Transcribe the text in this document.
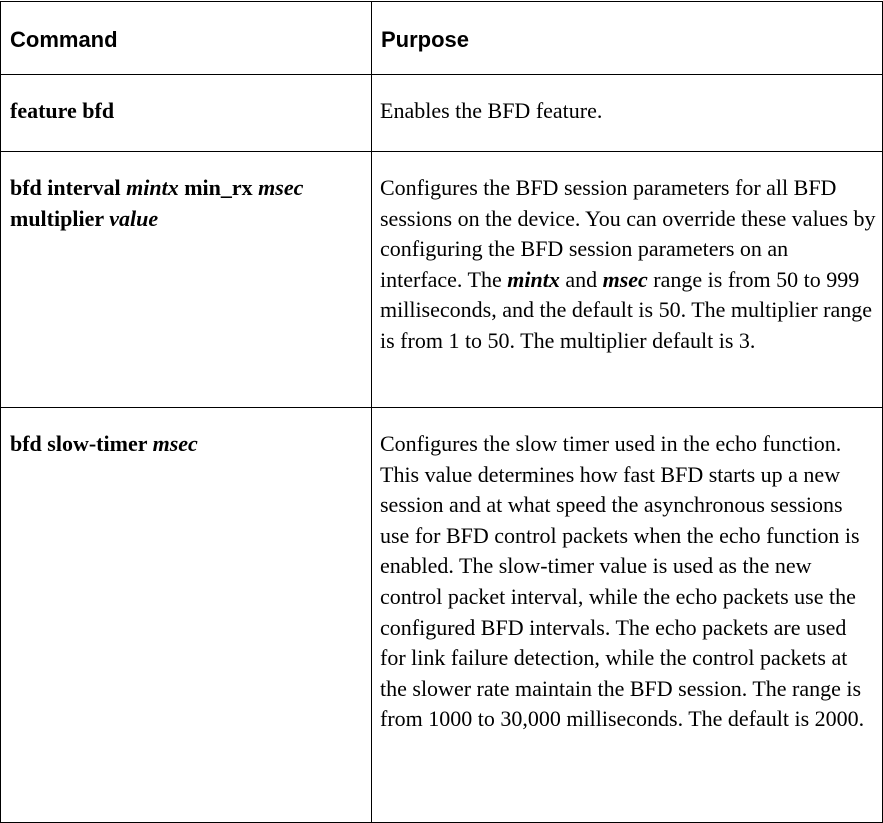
Command	Purpose
feature bfd	Enables the BFD feature.
bfd interval mintx min_rx msec multiplier value	Configures the BFD session parameters for all BFD sessions on the device. You can override these values by configuring the BFD session parameters on an interface. The mintx and msec range is from 50 to 999 milliseconds, and the default is 50. The multiplier range is from 1 to 50. The multiplier default is 3.
bfd slow-timer msec	Configures the slow timer used in the echo function. This value determines how fast BFD starts up a new session and at what speed the asynchronous sessions use for BFD control packets when the echo function is enabled. The slow-timer value is used as the new control packet interval, while the echo packets use the configured BFD intervals. The echo packets are used for link failure detection, while the control packets at the slower rate maintain the BFD session. The range is from 1000 to 30,000 milliseconds. The default is 2000.
